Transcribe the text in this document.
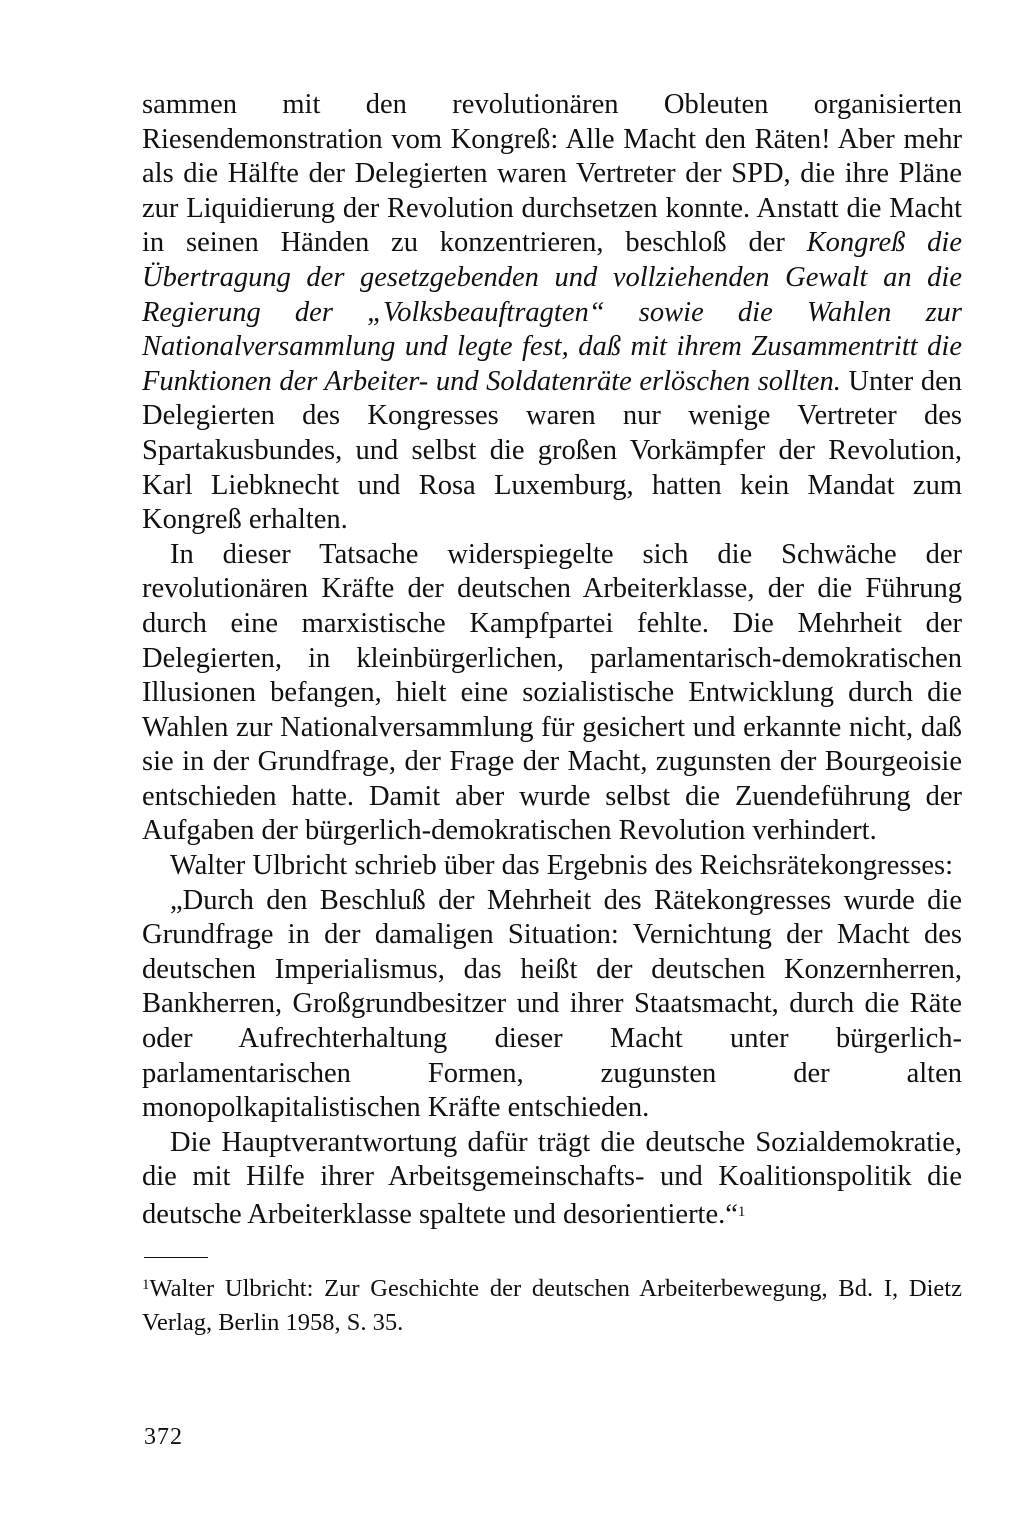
sammen mit den revolutionären Obleuten organisierten Riesendemonstration vom Kongreß: Alle Macht den Räten! Aber mehr als die Hälfte der Delegierten waren Vertreter der SPD, die ihre Pläne zur Liquidierung der Revolution durchsetzen konnte. Anstatt die Macht in seinen Händen zu konzentrieren, beschloß der Kongreß die Übertragung der gesetzgebenden und vollziehenden Gewalt an die Regierung der „Volksbeauftragten“ sowie die Wahlen zur Nationalversammlung und legte fest, daß mit ihrem Zusammentritt die Funktionen der Arbeiter- und Soldatenräte erlöschen sollten. Unter den Delegierten des Kongresses waren nur wenige Vertreter des Spartakusbundes, und selbst die großen Vorkämpfer der Revolution, Karl Liebknecht und Rosa Luxemburg, hatten kein Mandat zum Kongreß erhalten.

In dieser Tatsache widerspiegelte sich die Schwäche der revolutionären Kräfte der deutschen Arbeiterklasse, der die Führung durch eine marxistische Kampfpartei fehlte. Die Mehrheit der Delegierten, in kleinbürgerlichen, parlamentarisch-demokratischen Illusionen befangen, hielt eine sozialistische Entwicklung durch die Wahlen zur Nationalversammlung für gesichert und erkannte nicht, daß sie in der Grundfrage, der Frage der Macht, zugunsten der Bourgeoisie entschieden hatte. Damit aber wurde selbst die Zuendeführung der Aufgaben der bürgerlich-demokratischen Revolution verhindert.

Walter Ulbricht schrieb über das Ergebnis des Reichsrätekongresses:

„Durch den Beschluß der Mehrheit des Rätekongresses wurde die Grundfrage in der damaligen Situation: Vernichtung der Macht des deutschen Imperialismus, das heißt der deutschen Konzernherren, Bankherren, Großgrundbesitzer und ihrer Staatsmacht, durch die Räte oder Aufrechterhaltung dieser Macht unter bürgerlich-parlamentarischen Formen, zugunsten der alten monopolkapitalistischen Kräfte entschieden.

Die Hauptverantwortung dafür trägt die deutsche Sozialdemokratie, die mit Hilfe ihrer Arbeitsgemeinschafts- und Koalitionspolitik die deutsche Arbeiterklasse spaltete und desorientierte.“$^1$

$^1$Walter Ulbricht: Zur Geschichte der deutschen Arbeiterbewegung, Bd. I, Dietz Verlag, Berlin 1958, S. 35.
372
